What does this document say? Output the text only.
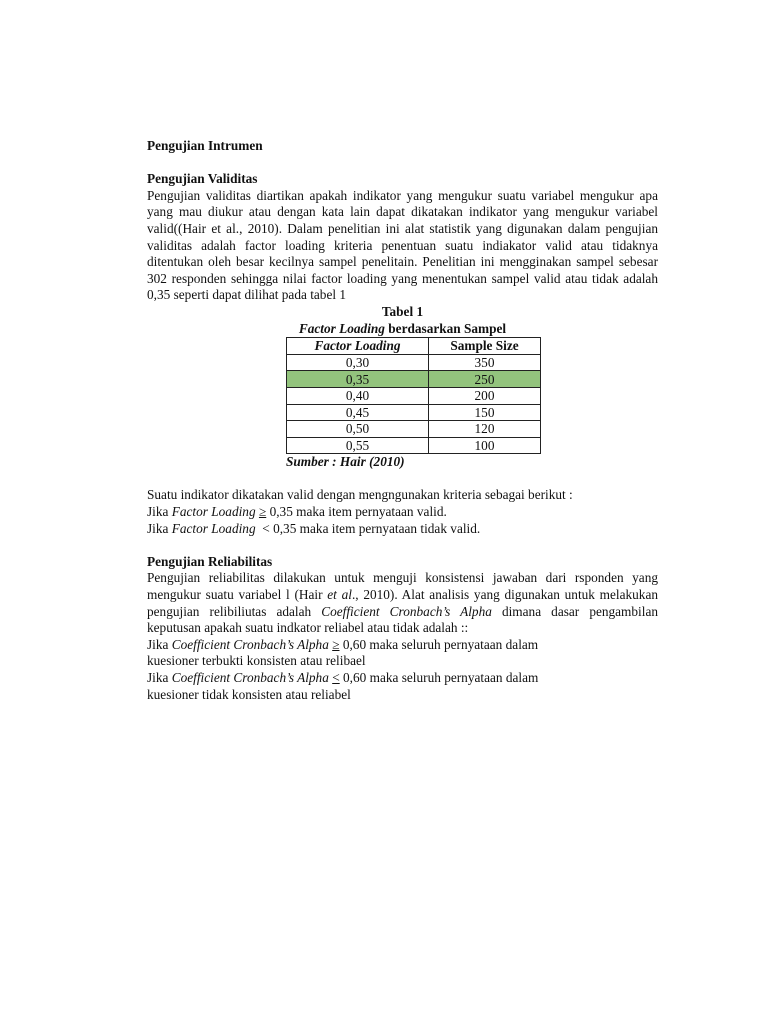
Pengujian Intrumen

Pengujian Validitas

Pengujian validitas diartikan apakah indikator yang mengukur suatu variabel mengukur apa yang mau diukur atau dengan kata lain dapat dikatakan indikator yang mengukur variabel valid((Hair et al., 2010). Dalam penelitian ini alat statistik yang digunakan dalam pengujian validitas adalah factor loading kriteria penentuan suatu indiakator valid atau tidaknya ditentukan oleh besar kecilnya sampel penelitain. Penelitian ini mengginakan sampel sebesar 302 responden sehingga nilai factor loading yang menentukan sampel valid atau tidak adalah 0,35 seperti dapat dilihat pada tabel 1

Tabel 1

Factor Loading berdasarkan Sampel

Factor Loading	Sample Size
0,30	350
0,35	250
0,40	200
0,45	150
0,50	120
0,55	100

Sumber : Hair (2010)

Suatu indikator dikatakan valid dengan mengngunakan kriteria sebagai berikut :

Jika Factor Loading ≥ 0,35 maka item pernyataan valid.

Jika Factor Loading  < 0,35 maka item pernyataan tidak valid.

Pengujian Reliabilitas

Pengujian reliabilitas dilakukan untuk menguji konsistensi jawaban dari rsponden yang mengukur suatu variabel l (Hair et al., 2010). Alat analisis yang digunakan untuk melakukan pengujian relibiliutas adalah Coefficient Cronbach’s Alpha dimana dasar pengambilan keputusan apakah suatu indkator reliabel atau tidak adalah ::

Jika Coefficient Cronbach’s Alpha ≥ 0,60 maka seluruh pernyataan dalam

kuesioner terbukti konsisten atau relibael

Jika Coefficient Cronbach’s Alpha < 0,60 maka seluruh pernyataan dalam

kuesioner tidak konsisten atau reliabel
